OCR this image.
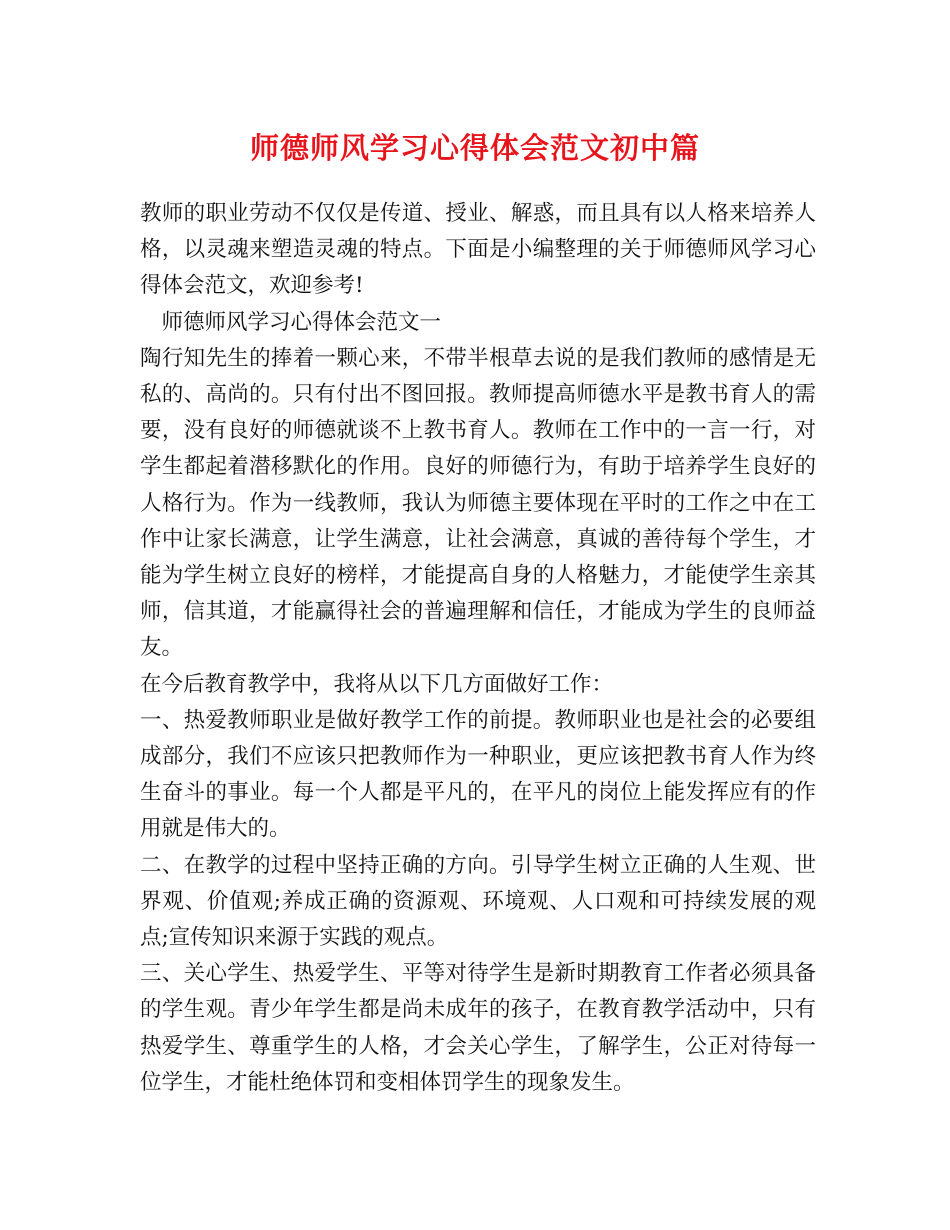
师德师风学习心得体会范文初中篇

教师的职业劳动不仅仅是传道、授业、解惑，而且具有以人格来培养人格，以灵魂来塑造灵魂的特点。下面是小编整理的关于师德师风学习心得体会范文，欢迎参考!

　师德师风学习心得体会范文一

陶行知先生的捧着一颗心来，不带半根草去说的是我们教师的感情是无私的、高尚的。只有付出不图回报。教师提高师德水平是教书育人的需要，没有良好的师德就谈不上教书育人。教师在工作中的一言一行，对学生都起着潜移默化的作用。良好的师德行为，有助于培养学生良好的人格行为。作为一线教师，我认为师德主要体现在平时的工作之中在工作中让家长满意，让学生满意，让社会满意，真诚的善待每个学生，才能为学生树立良好的榜样，才能提高自身的人格魅力，才能使学生亲其师，信其道，才能赢得社会的普遍理解和信任，才能成为学生的良师益友。

在今后教育教学中，我将从以下几方面做好工作：

一、热爱教师职业是做好教学工作的前提。教师职业也是社会的必要组成部分，我们不应该只把教师作为一种职业，更应该把教书育人作为终生奋斗的事业。每一个人都是平凡的，在平凡的岗位上能发挥应有的作用就是伟大的。

二、在教学的过程中坚持正确的方向。引导学生树立正确的人生观、世界观、价值观;养成正确的资源观、环境观、人口观和可持续发展的观点;宣传知识来源于实践的观点。

三、关心学生、热爱学生、平等对待学生是新时期教育工作者必须具备的学生观。青少年学生都是尚未成年的孩子，在教育教学活动中，只有热爱学生、尊重学生的人格，才会关心学生，了解学生，公正对待每一位学生，才能杜绝体罚和变相体罚学生的现象发生。
